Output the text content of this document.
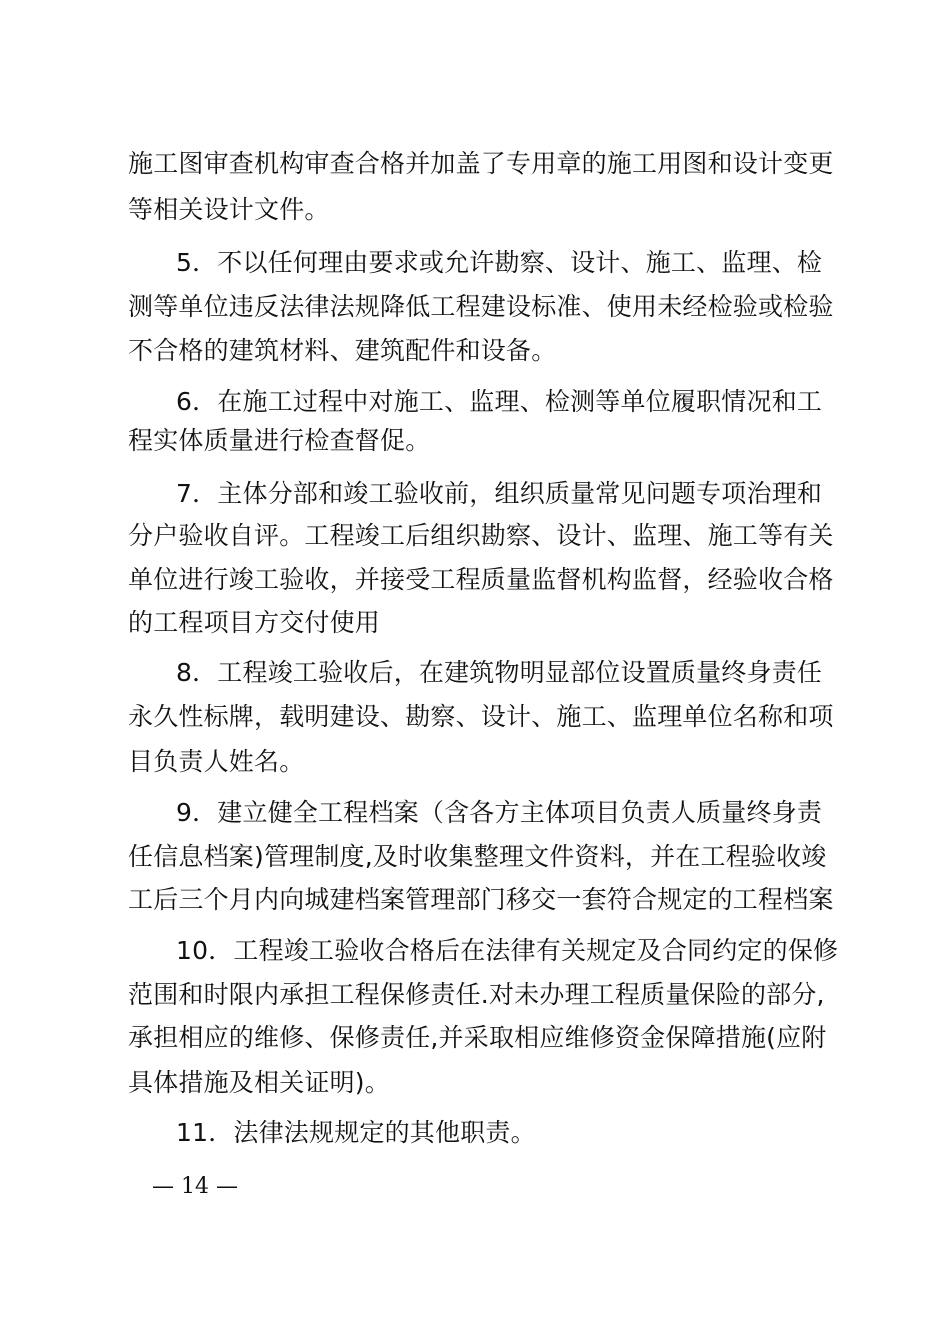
施工图审查机构审查合格并加盖了专用章的施工用图和设计变更
等相关设计文件。
5．不以任何理由要求或允许勘察、设计、施工、监理、检
测等单位违反法律法规降低工程建设标准、使用未经检验或检验
不合格的建筑材料、建筑配件和设备。
6．在施工过程中对施工、监理、检测等单位履职情况和工
程实体质量进行检查督促。
7．主体分部和竣工验收前，组织质量常见问题专项治理和
分户验收自评。工程竣工后组织勘察、设计、监理、施工等有关
单位进行竣工验收，并接受工程质量监督机构监督，经验收合格
的工程项目方交付使用
8．工程竣工验收后，在建筑物明显部位设置质量终身责任
永久性标牌，载明建设、勘察、设计、施工、监理单位名称和项
目负责人姓名。
9．建立健全工程档案（含各方主体项目负责人质量终身责
任信息档案)管理制度,及时收集整理文件资料，并在工程验收竣
工后三个月内向城建档案管理部门移交一套符合规定的工程档案
10．工程竣工验收合格后在法律有关规定及合同约定的保修
范围和时限内承担工程保修责任.对未办理工程质量保险的部分,
承担相应的维修、保修责任,并采取相应维修资金保障措施(应附
具体措施及相关证明)。
11．法律法规规定的其他职责。
— 14 —
